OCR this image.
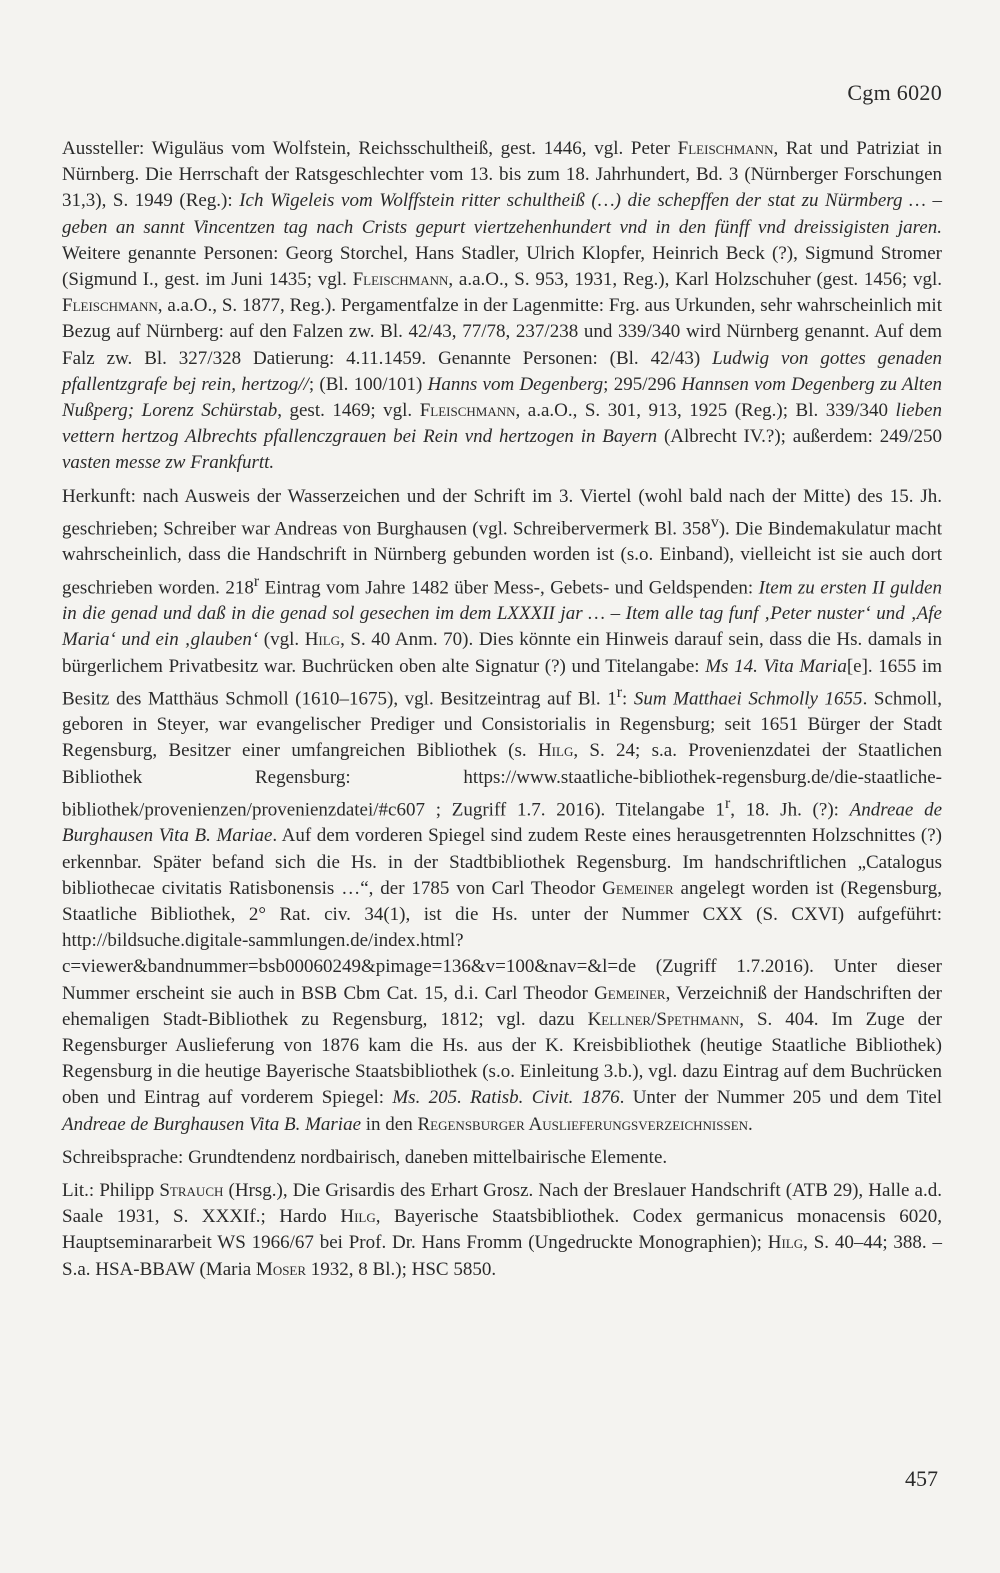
Cgm 6020

Aussteller: Wiguläus vom Wolfstein, Reichsschultheiß, gest. 1446, vgl. Peter Fleischmann, Rat und Patriziat in Nürnberg. Die Herrschaft der Ratsgeschlechter vom 13. bis zum 18. Jahrhundert, Bd. 3 (Nürnberger Forschungen 31,3), S. 1949 (Reg.): Ich Wigeleis vom Wolffstein ritter schultheiß (…) die schepffen der stat zu Nürmberg … – geben an sannt Vincentzen tag nach Crists gepurt viertzehenhundert vnd in den fünff vnd dreissigisten jaren. Weitere genannte Personen: Georg Storchel, Hans Stadler, Ulrich Klopfer, Heinrich Beck (?), Sigmund Stromer (Sigmund I., gest. im Juni 1435; vgl. Fleischmann, a.a.O., S. 953, 1931, Reg.), Karl Holzschuher (gest. 1456; vgl. Fleischmann, a.a.O., S. 1877, Reg.). Pergamentfalze in der Lagenmitte: Frg. aus Urkunden, sehr wahrscheinlich mit Bezug auf Nürnberg: auf den Falzen zw. Bl. 42/43, 77/78, 237/238 und 339/340 wird Nürnberg genannt. Auf dem Falz zw. Bl. 327/328 Datierung: 4.11.1459. Genannte Personen: (Bl. 42/43) Ludwig von gottes genaden pfallentzgrafe bej rein, hertzog//; (Bl. 100/101) Hanns vom Degenberg; 295/296 Hannsen vom Degenberg zu Alten Nußperg; Lorenz Schürstab, gest. 1469; vgl. Fleischmann, a.a.O., S. 301, 913, 1925 (Reg.); Bl. 339/340 lieben vettern hertzog Albrechts pfallenczgrauen bei Rein vnd hertzogen in Bayern (Albrecht IV.?); außerdem: 249/250 vasten messe zw Frankfurtt.

Herkunft: nach Ausweis der Wasserzeichen und der Schrift im 3. Viertel (wohl bald nach der Mitte) des 15. Jh. geschrieben; Schreiber war Andreas von Burghausen (vgl. Schreibervermerk Bl. 358$^v$). Die Bindemakulatur macht wahrscheinlich, dass die Handschrift in Nürnberg gebunden worden ist (s.o. Einband), vielleicht ist sie auch dort geschrieben worden. 218$^r$ Eintrag vom Jahre 1482 über Mess-, Gebets- und Geldspenden: Item zu ersten II gulden in die genad und daß in die genad sol gesechen im dem LXXXII jar … – Item alle tag funf ‚Peter nuster‘ und ‚Afe Maria‘ und ein ‚glauben‘ (vgl. Hilg, S. 40 Anm. 70). Dies könnte ein Hinweis darauf sein, dass die Hs. damals in bürgerlichem Privatbesitz war. Buchrücken oben alte Signatur (?) und Titelangabe: Ms 14. Vita Maria[e]. 1655 im Besitz des Matthäus Schmoll (1610–1675), vgl. Besitzeintrag auf Bl. 1$^r$: Sum Matthaei Schmolly 1655. Schmoll, geboren in Steyer, war evangelischer Prediger und Consistorialis in Regensburg; seit 1651 Bürger der Stadt Regensburg, Besitzer einer umfangreichen Bibliothek (s. Hilg, S. 24; s.a. Provenienzdatei der Staatlichen Bibliothek Regensburg: https://www.staatliche-bibliothek-regensburg.de/die-staatliche-bibliothek/provenienzen/provenienzdatei/#c607 ; Zugriff 1.7. 2016). Titelangabe 1$^r$, 18. Jh. (?): Andreae de Burghausen Vita B. Mariae. Auf dem vorderen Spiegel sind zudem Reste eines herausgetrennten Holzschnittes (?) erkennbar. Später befand sich die Hs. in der Stadtbibliothek Regensburg. Im handschriftlichen „Catalogus bibliothecae civitatis Ratisbonensis …“, der 1785 von Carl Theodor Gemeiner angelegt worden ist (Regensburg, Staatliche Bibliothek, 2° Rat. civ. 34(1), ist die Hs. unter der Nummer CXX (S. CXVI) aufgeführt: http://bildsuche.digitale-sammlungen.de/index.html?c=viewer&bandnummer=bsb00060249&pimage=136&v=100&nav=&l=de (Zugriff 1.7.2016). Unter dieser Nummer erscheint sie auch in BSB Cbm Cat. 15, d.i. Carl Theodor Gemeiner, Verzeichniß der Handschriften der ehemaligen Stadt-Bibliothek zu Regensburg, 1812; vgl. dazu Kellner/Spethmann, S. 404. Im Zuge der Regensburger Auslieferung von 1876 kam die Hs. aus der K. Kreisbibliothek (heutige Staatliche Bibliothek) Regensburg in die heutige Bayerische Staatsbibliothek (s.o. Einleitung 3.b.), vgl. dazu Eintrag auf dem Buchrücken oben und Eintrag auf vorderem Spiegel: Ms. 205. Ratisb. Civit. 1876. Unter der Nummer 205 und dem Titel Andreae de Burghausen Vita B. Mariae in den Regensburger Auslieferungsverzeichnissen.

Schreibsprache: Grundtendenz nordbairisch, daneben mittelbairische Elemente.

Lit.: Philipp Strauch (Hrsg.), Die Grisardis des Erhart Grosz. Nach der Breslauer Handschrift (ATB 29), Halle a.d. Saale 1931, S. XXXIf.; Hardo Hilg, Bayerische Staatsbibliothek. Codex germanicus monacensis 6020, Hauptseminararbeit WS 1966/67 bei Prof. Dr. Hans Fromm (Ungedruckte Monographien); Hilg, S. 40–44; 388. – S.a. HSA-BBAW (Maria Moser 1932, 8 Bl.); HSC 5850.

457
